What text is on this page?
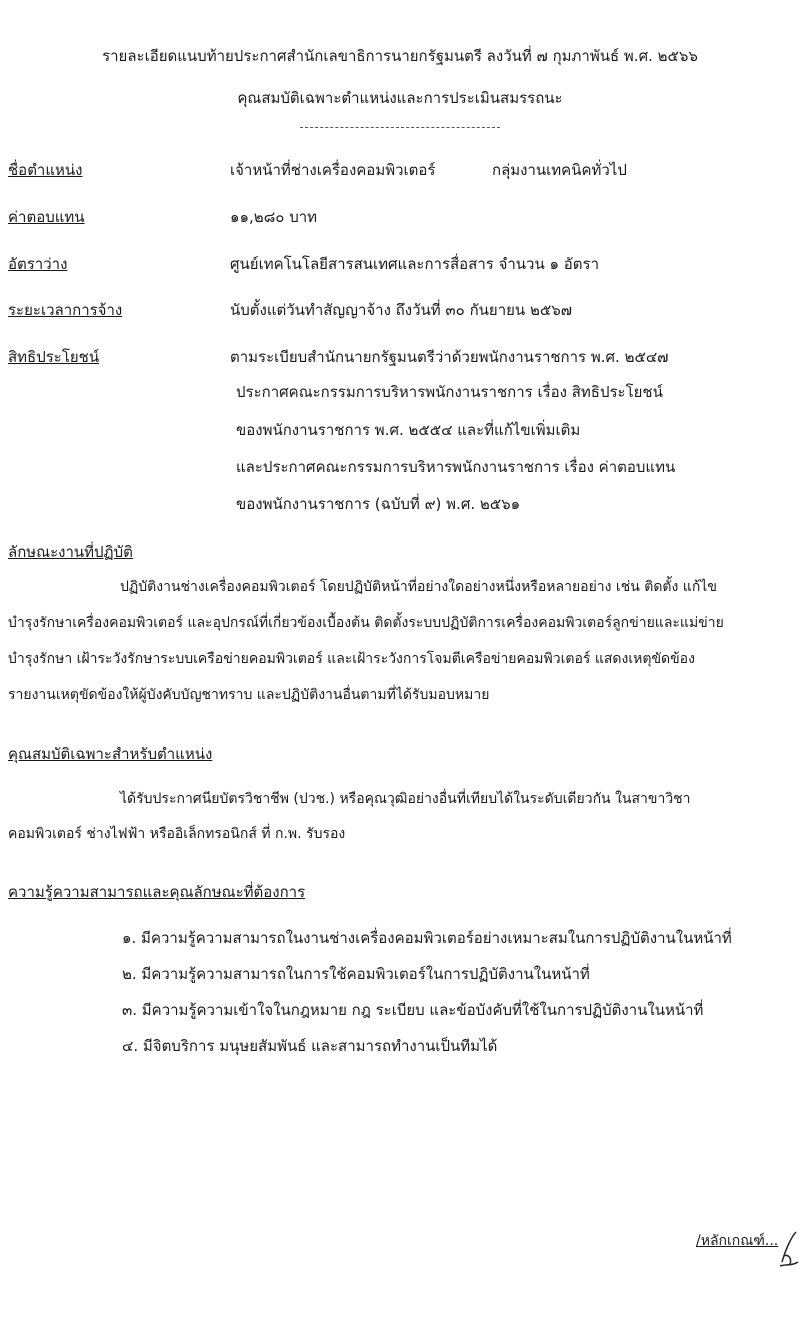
รายละเอียดแนบท้ายประกาศสำนักเลขาธิการนายกรัฐมนตรี ลงวันที่ ๗ กุมภาพันธ์ พ.ศ. ๒๕๖๖
คุณสมบัติเฉพาะตำแหน่งและการประเมินสมรรถนะ
ชื่อตำแหน่ง	เจ้าหน้าที่ช่างเครื่องคอมพิวเตอร์	กลุ่มงานเทคนิคทั่วไป
ค่าตอบแทน	๑๑,๒๘๐ บาท
อัตราว่าง	ศูนย์เทคโนโลยีสารสนเทศและการสื่อสาร จำนวน ๑ อัตรา
ระยะเวลาการจ้าง	นับตั้งแต่วันทำสัญญาจ้าง ถึงวันที่ ๓๐ กันยายน ๒๕๖๗
สิทธิประโยชน์	ตามระเบียบสำนักนายกรัฐมนตรีว่าด้วยพนักงานราชการ พ.ศ. ๒๕๔๗
ประกาศคณะกรรมการบริหารพนักงานราชการ เรื่อง สิทธิประโยชน์
ของพนักงานราชการ พ.ศ. ๒๕๕๔ และที่แก้ไขเพิ่มเติม
และประกาศคณะกรรมการบริหารพนักงานราชการ เรื่อง ค่าตอบแทน
ของพนักงานราชการ (ฉบับที่ ๙) พ.ศ. ๒๕๖๑
ลักษณะงานที่ปฏิบัติ
ปฏิบัติงานช่างเครื่องคอมพิวเตอร์ โดยปฏิบัติหน้าที่อย่างใดอย่างหนึ่งหรือหลายอย่าง เช่น ติดตั้ง แก้ไข
บำรุงรักษาเครื่องคอมพิวเตอร์ และอุปกรณ์ที่เกี่ยวข้องเบื้องต้น ติดตั้งระบบปฏิบัติการเครื่องคอมพิวเตอร์ลูกข่ายและแม่ข่าย
บำรุงรักษา เฝ้าระวังรักษาระบบเครือข่ายคอมพิวเตอร์ และเฝ้าระวังการโจมตีเครือข่ายคอมพิวเตอร์ แสดงเหตุขัดข้อง
รายงานเหตุขัดข้องให้ผู้บังคับบัญชาทราบ และปฏิบัติงานอื่นตามที่ได้รับมอบหมาย
คุณสมบัติเฉพาะสำหรับตำแหน่ง
ได้รับประกาศนียบัตรวิชาชีพ (ปวช.) หรือคุณวุฒิอย่างอื่นที่เทียบได้ในระดับเดียวกัน ในสาขาวิชา
คอมพิวเตอร์ ช่างไฟฟ้า หรืออิเล็กทรอนิกส์ ที่ ก.พ. รับรอง
ความรู้ความสามารถและคุณลักษณะที่ต้องการ
๑. มีความรู้ความสามารถในงานช่างเครื่องคอมพิวเตอร์อย่างเหมาะสมในการปฏิบัติงานในหน้าที่
๒. มีความรู้ความสามารถในการใช้คอมพิวเตอร์ในการปฏิบัติงานในหน้าที่
๓. มีความรู้ความเข้าใจในกฎหมาย กฎ ระเบียบ และข้อบังคับที่ใช้ในการปฏิบัติงานในหน้าที่
๔. มีจิตบริการ มนุษยสัมพันธ์ และสามารถทำงานเป็นทีมได้
/หลักเกณฑ์...
